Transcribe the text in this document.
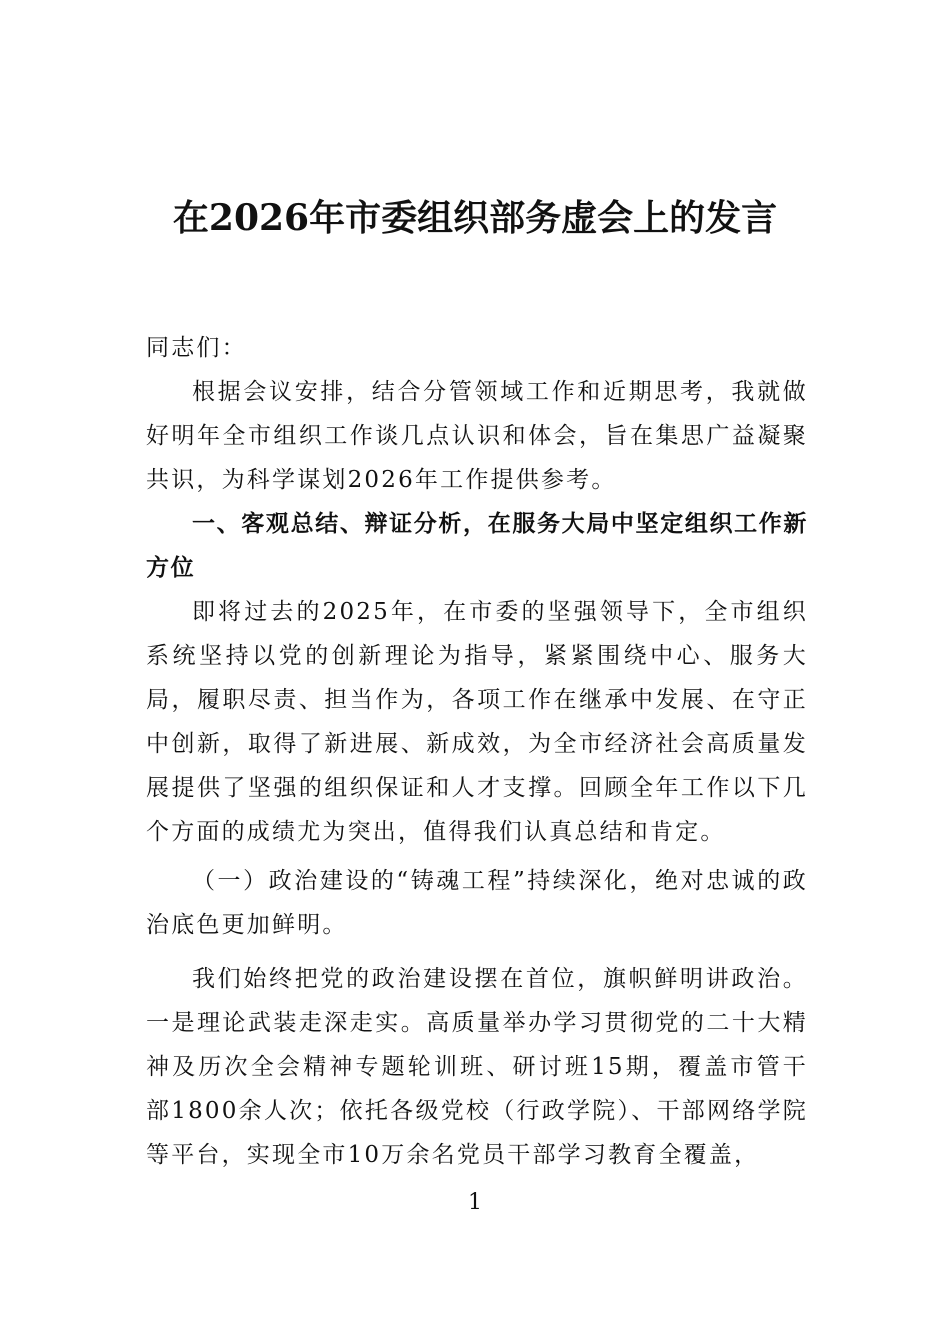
在2026年市委组织部务虚会上的发言

同志们：

根据会议安排，结合分管领域工作和近期思考，我就做好明年全市组织工作谈几点认识和体会，旨在集思广益凝聚共识，为科学谋划2026年工作提供参考。

一、客观总结、辩证分析，在服务大局中坚定组织工作新方位

即将过去的2025年，在市委的坚强领导下，全市组织系统坚持以党的创新理论为指导，紧紧围绕中心、服务大局，履职尽责、担当作为，各项工作在继承中发展、在守正中创新，取得了新进展、新成效，为全市经济社会高质量发展提供了坚强的组织保证和人才支撑。回顾全年工作以下几个方面的成绩尤为突出，值得我们认真总结和肯定。

（一）政治建设的“铸魂工程”持续深化，绝对忠诚的政治底色更加鲜明。

我们始终把党的政治建设摆在首位，旗帜鲜明讲政治。一是理论武装走深走实。高质量举办学习贯彻党的二十大精神及历次全会精神专题轮训班、研讨班15期，覆盖市管干部1800余人次；依托各级党校（行政学院）、干部网络学院等平台，实现全市10万余名党员干部学习教育全覆盖，

1
